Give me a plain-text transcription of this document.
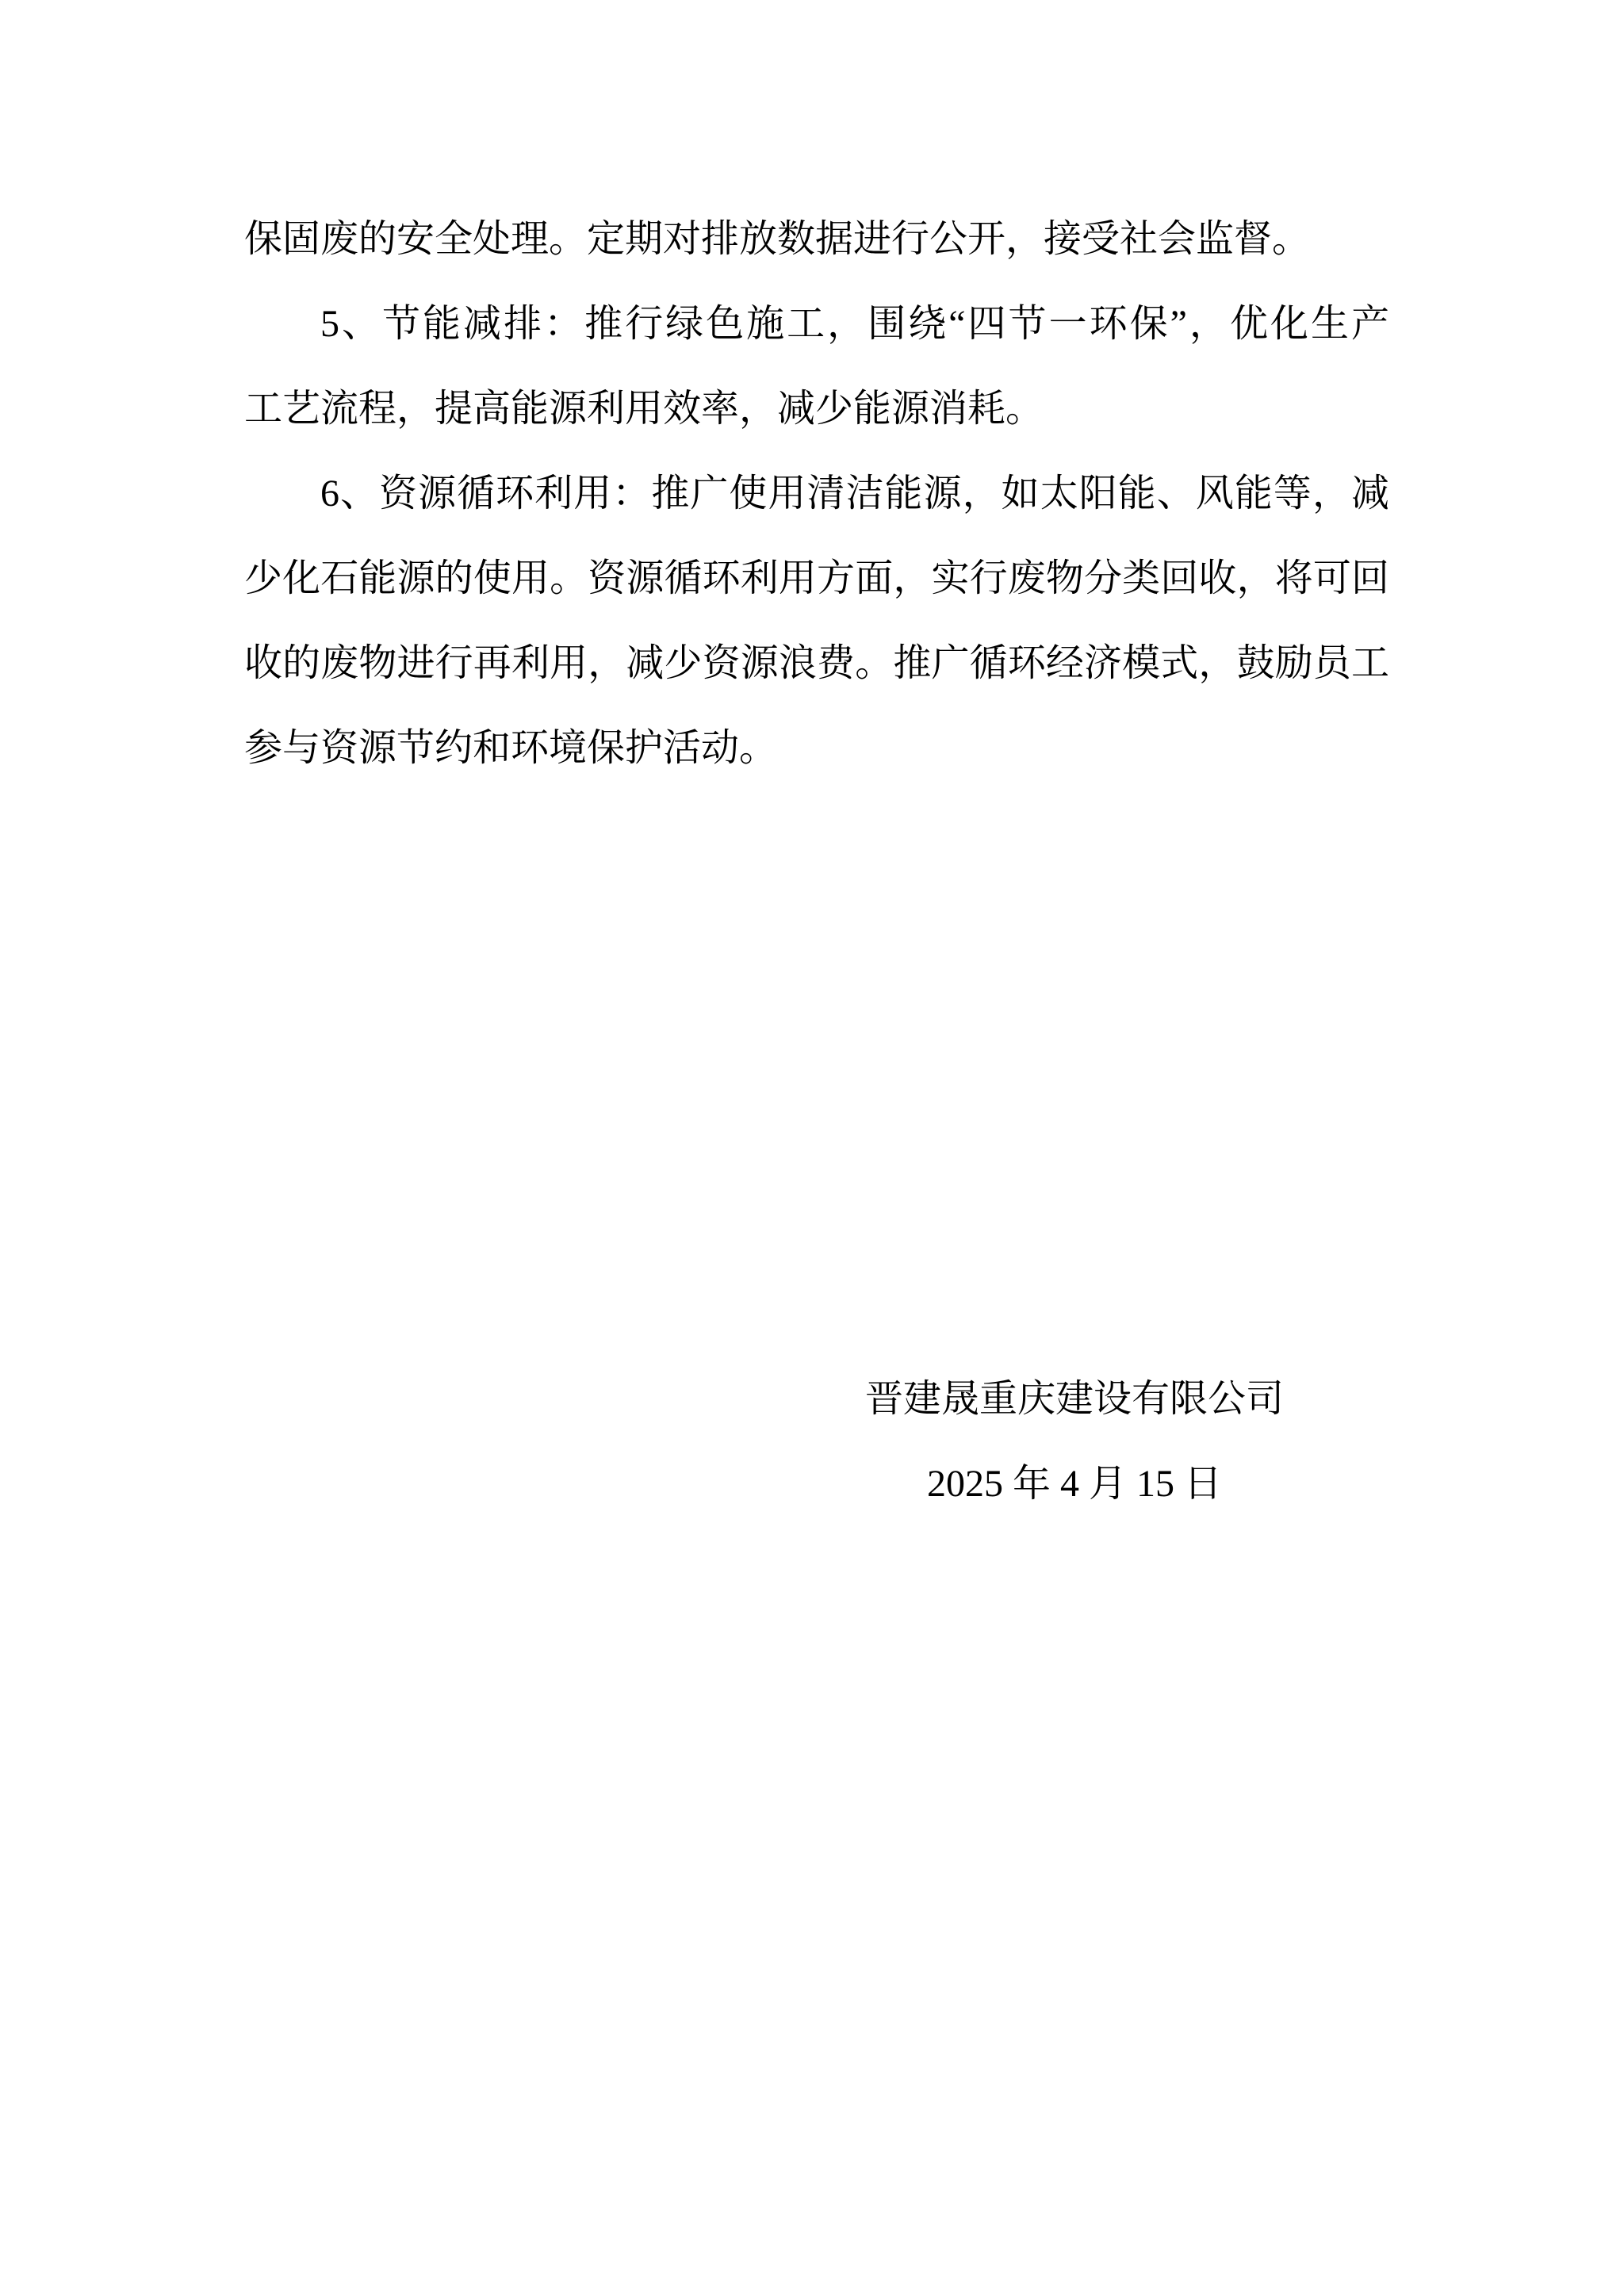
保固废的安全处理。定期对排放数据进行公开，接受社会监督。
5、节能减排：推行绿色施工，围绕“四节一环保”，优化生产
工艺流程，提高能源利用效率，减少能源消耗。
6、资源循环利用：推广使用清洁能源，如太阳能、风能等，减
少化石能源的使用。资源循环利用方面，实行废物分类回收，将可回
收的废物进行再利用，减少资源浪费。推广循环经济模式，鼓励员工
参与资源节约和环境保护活动。
晋建晟重庆建设有限公司
2025 年 4 月 15 日
